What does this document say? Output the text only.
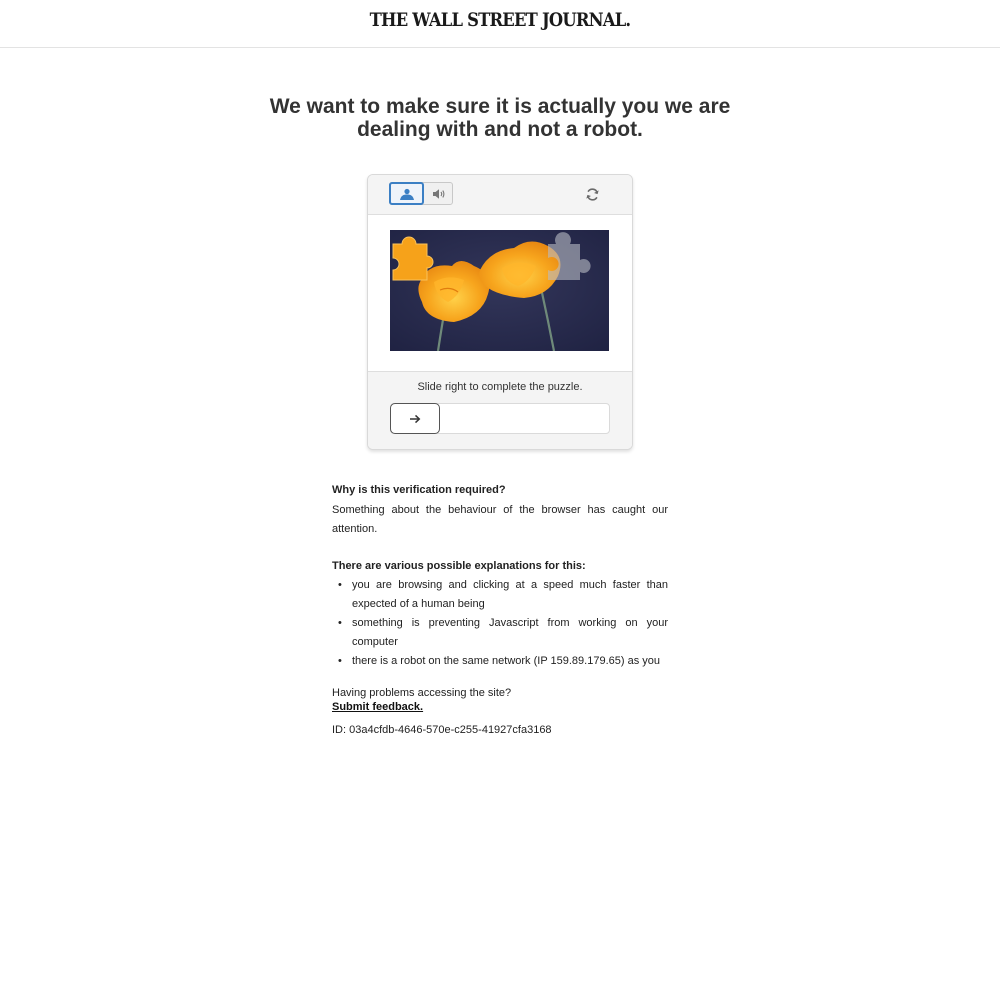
THE WALL STREET JOURNAL.
We want to make sure it is actually you we are dealing with and not a robot.
Slide right to complete the puzzle.
Why is this verification required?
Something about the behaviour of the browser has caught our attention.
There are various possible explanations for this:
• you are browsing and clicking at a speed much faster than expected of a human being
• something is preventing Javascript from working on your computer
• there is a robot on the same network (IP 159.89.179.65) as you
Having problems accessing the site?
Submit feedback.
ID: 03a4cfdb-4646-570e-c255-41927cfa3168
